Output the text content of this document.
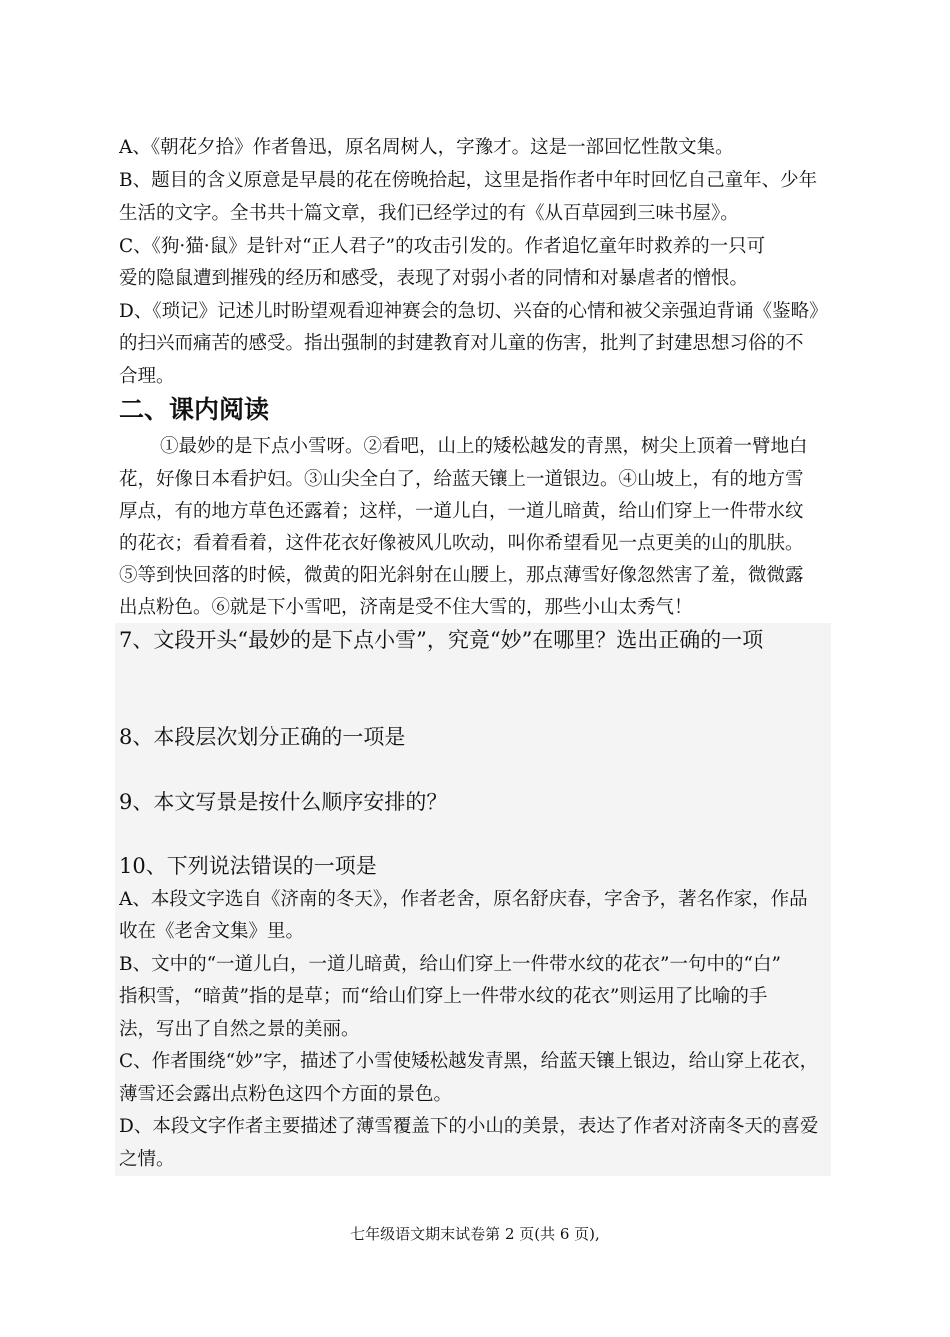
A、《朝花夕拾》作者鲁迅，原名周树人，字豫才。这是一部回忆性散文集。
B、题目的含义原意是早晨的花在傍晚拾起，这里是指作者中年时回忆自己童年、少年
生活的文字。全书共十篇文章，我们已经学过的有《从百草园到三味书屋》。
C、《狗·猫·鼠》是针对“正人君子”的攻击引发的。作者追忆童年时救养的一只可
爱的隐鼠遭到摧残的经历和感受，表现了对弱小者的同情和对暴虐者的憎恨。
D、《琐记》记述儿时盼望观看迎神赛会的急切、兴奋的心情和被父亲强迫背诵《鉴略》
的扫兴而痛苦的感受。指出强制的封建教育对儿童的伤害，批判了封建思想习俗的不
合理。
二、课内阅读
①最妙的是下点小雪呀。②看吧，山上的矮松越发的青黑，树尖上顶着一臂地白
花，好像日本看护妇。③山尖全白了，给蓝天镶上一道银边。④山坡上，有的地方雪
厚点，有的地方草色还露着；这样，一道儿白，一道儿暗黄，给山们穿上一件带水纹
的花衣；看着看着，这件花衣好像被风儿吹动，叫你希望看见一点更美的山的肌肤。
⑤等到快回落的时候，微黄的阳光斜射在山腰上，那点薄雪好像忽然害了羞，微微露
出点粉色。⑥就是下小雪吧，济南是受不住大雪的，那些小山太秀气！
7、文段开头“最妙的是下点小雪”，究竟“妙”在哪里？选出正确的一项
8、本段层次划分正确的一项是
9、本文写景是按什么顺序安排的？
10、下列说法错误的一项是
A、本段文字选自《济南的冬天》，作者老舍，原名舒庆春，字舍予，著名作家，作品
收在《老舍文集》里。
B、文中的“一道儿白，一道儿暗黄，给山们穿上一件带水纹的花衣”一句中的“白”
指积雪，“暗黄”指的是草；而“给山们穿上一件带水纹的花衣”则运用了比喻的手
法，写出了自然之景的美丽。
C、作者围绕“妙”字，描述了小雪使矮松越发青黑，给蓝天镶上银边，给山穿上花衣，
薄雪还会露出点粉色这四个方面的景色。
D、本段文字作者主要描述了薄雪覆盖下的小山的美景，表达了作者对济南冬天的喜爱
之情。
七年级语文期末试卷第 2 页(共 6 页),
